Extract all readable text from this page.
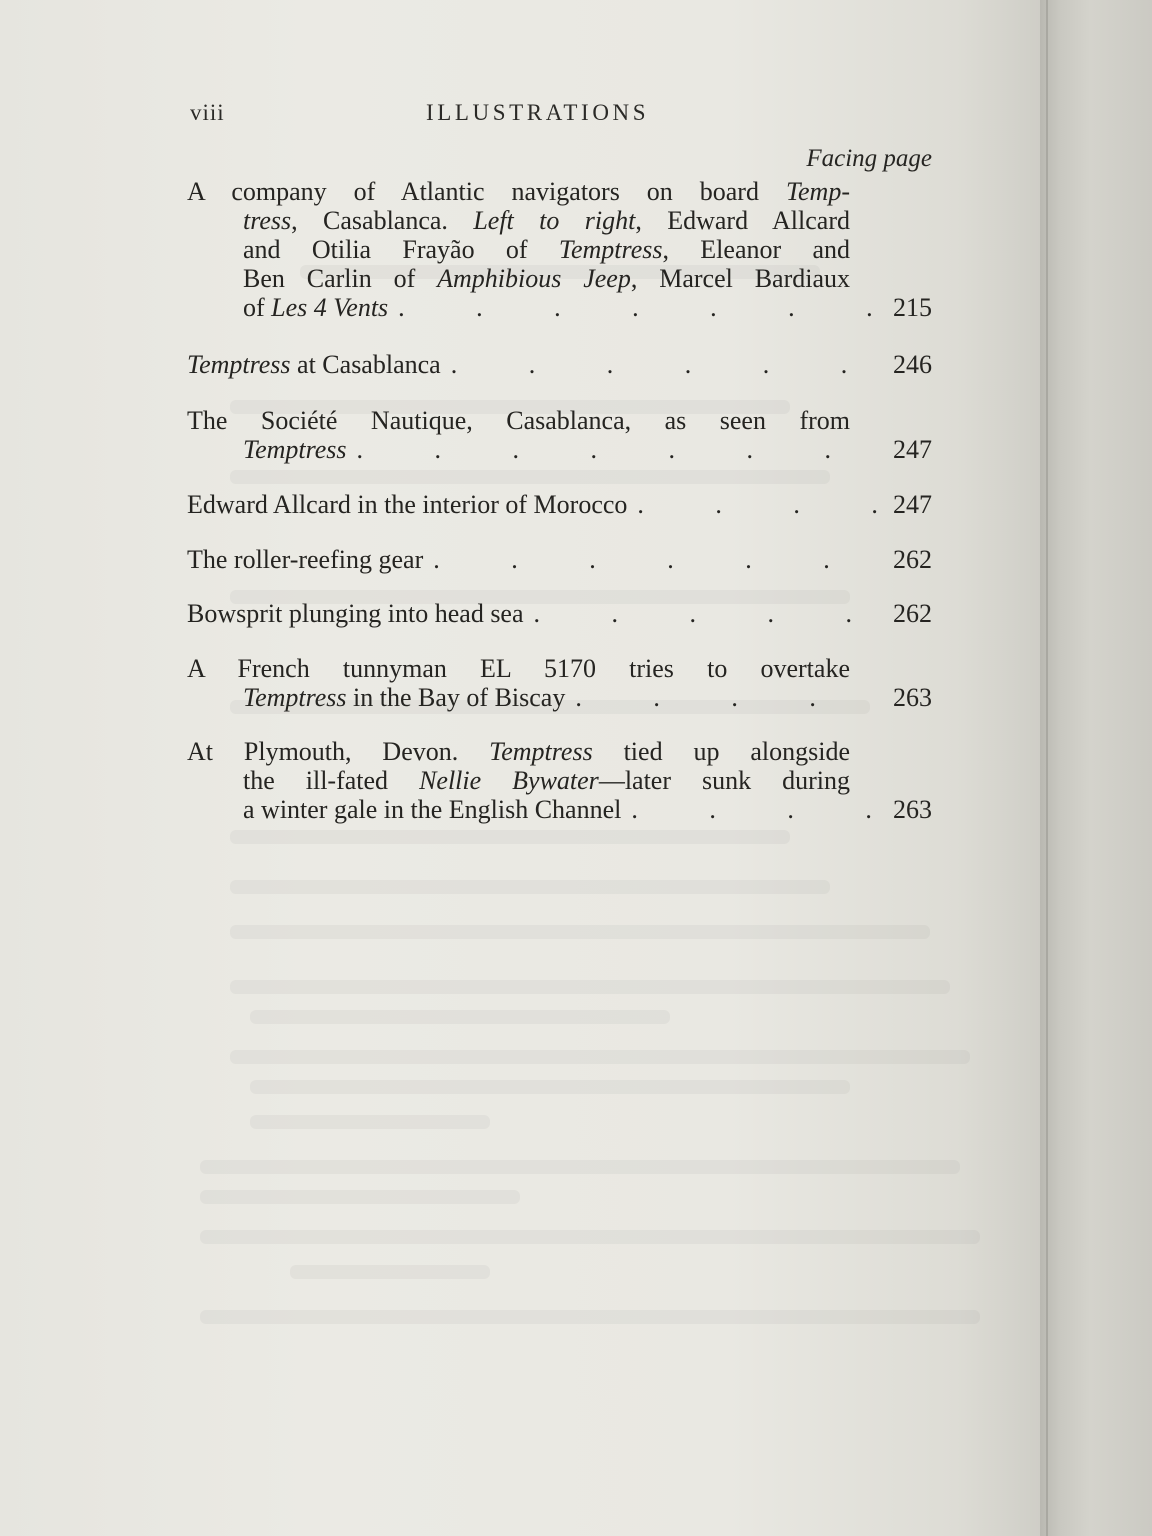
viii	ILLUSTRATIONS
Facing page
A company of Atlantic navigators on board Temp-
tress, Casablanca. Left to right, Edward Allcard
and Otilia Frayão of Temptress, Eleanor and
Ben Carlin of Amphibious Jeep, Marcel Bardiaux
of Les 4 Vents .	215
Temptress at Casablanca .	246
The Société Nautique, Casablanca, as seen from
Temptress .	247
Edward Allcard in the interior of Morocco .	247
The roller-reefing gear .	262
Bowsprit plunging into head sea .	262
A French tunnyman EL 5170 tries to overtake
Temptress in the Bay of Biscay .	263
At Plymouth, Devon. Temptress tied up alongside
the ill-fated Nellie Bywater—later sunk during
a winter gale in the English Channel .	263
